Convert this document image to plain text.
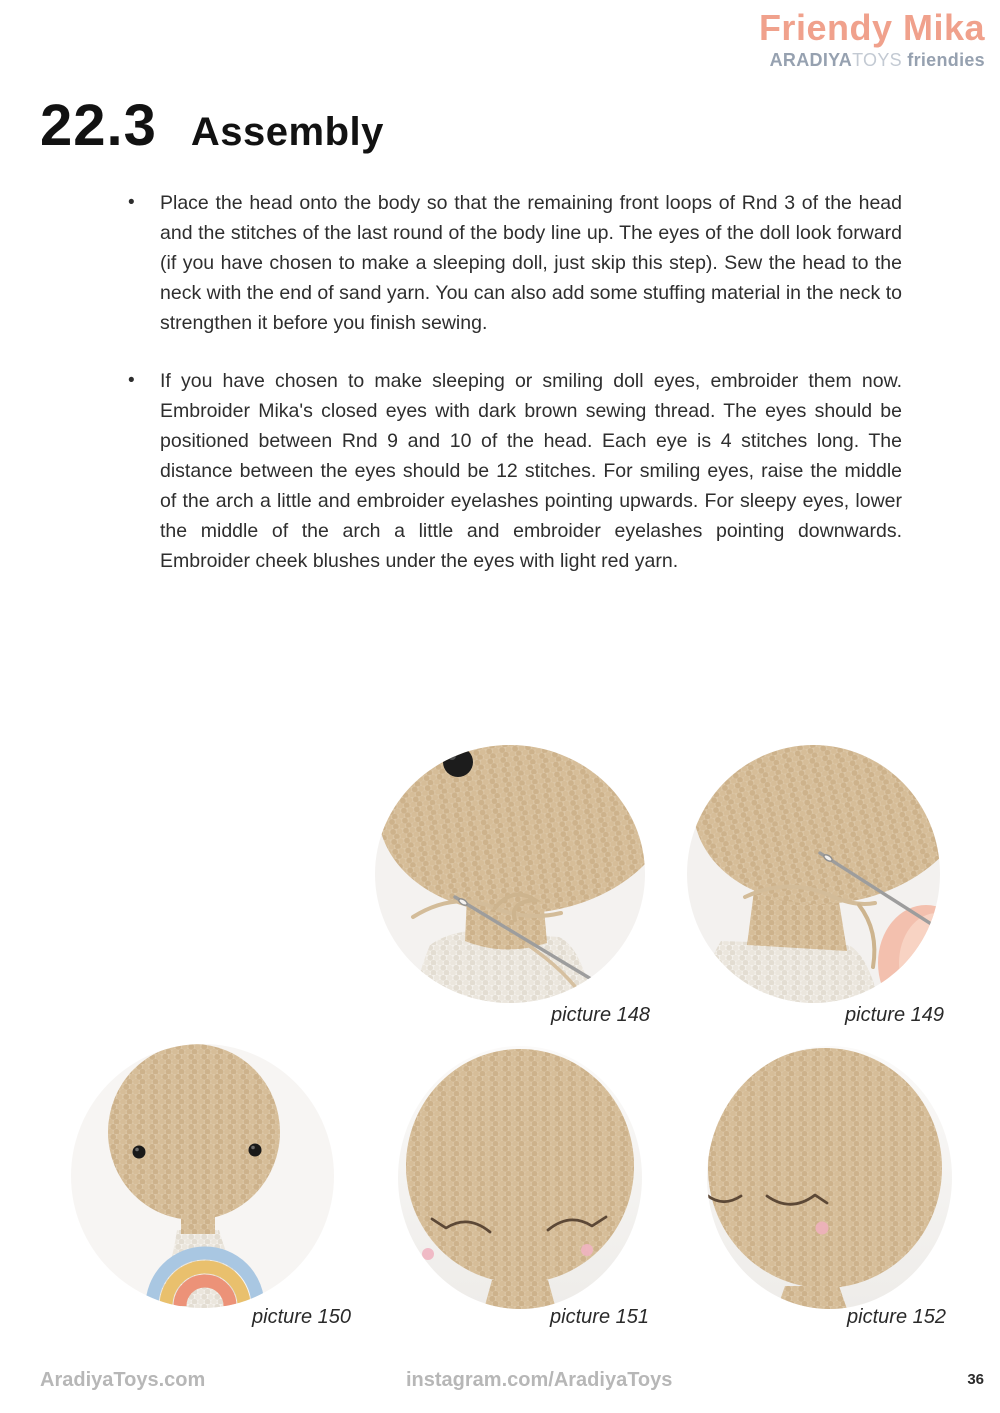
Friendy Mika
ARADIYATOYS friendies
22.3 Assembly
•	Place the head onto the body so that the remaining front loops of Rnd 3 of the head and the stitches of the last round of the body line up. The eyes of the doll look forward (if you have chosen to make a sleeping doll, just skip this step). Sew the head to the neck with the end of sand yarn. You can also add some stuffing material in the neck to strengthen it before you finish sewing.
•	If you have chosen to make sleeping or smiling doll eyes, embroider them now. Embroider Mika's closed eyes with dark brown sewing thread. The eyes should be positioned between Rnd 9 and 10 of the head. Each eye is 4 stitches long. The distance between the eyes should be 12 stitches. For smiling eyes, raise the middle of the arch a little and embroider eyelashes pointing upwards. For sleepy eyes, lower the middle of the arch a little and embroider eyelashes pointing downwards. Embroider cheek blushes under the eyes with light red yarn.
picture 148	picture 149
picture 150	picture 151	picture 152
AradiyaToys.com	instagram.com/AradiyaToys	36
